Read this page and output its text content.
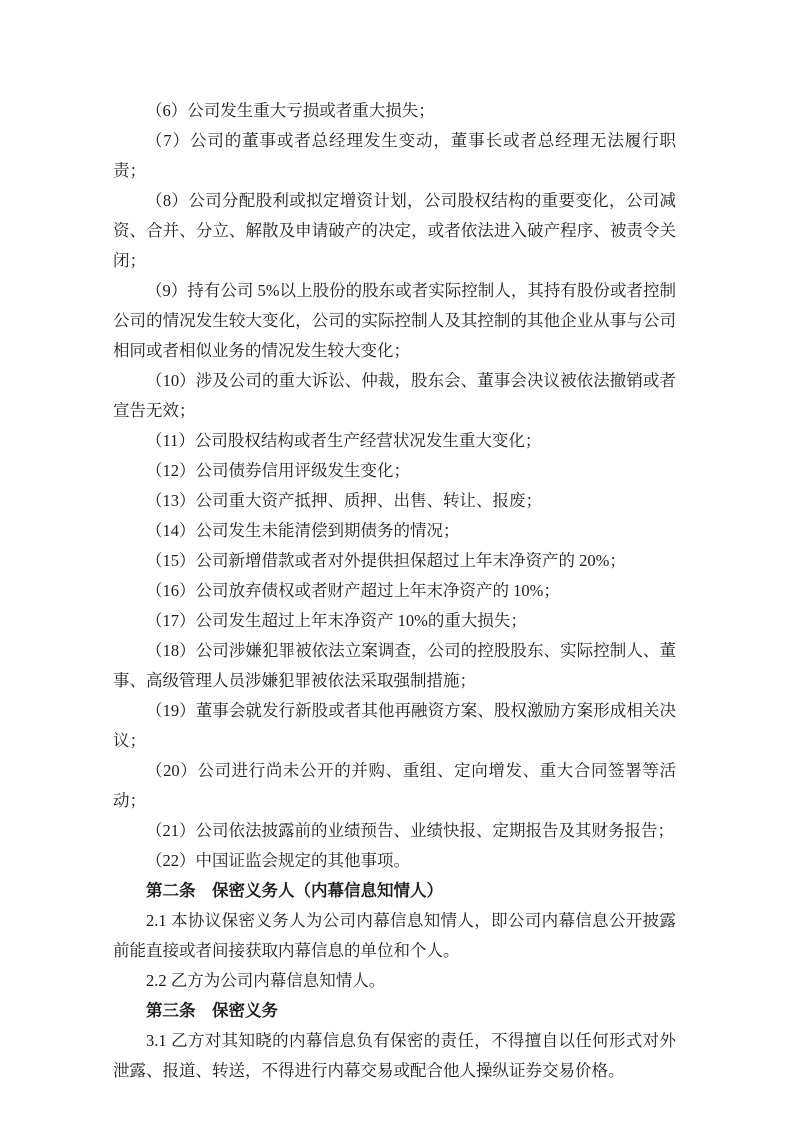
（6）公司发生重大亏损或者重大损失；

（7）公司的董事或者总经理发生变动，董事长或者总经理无法履行职责；

（8）公司分配股利或拟定增资计划，公司股权结构的重要变化，公司减资、合并、分立、解散及申请破产的决定，或者依法进入破产程序、被责令关闭；

（9）持有公司 5%以上股份的股东或者实际控制人，其持有股份或者控制公司的情况发生较大变化，公司的实际控制人及其控制的其他企业从事与公司相同或者相似业务的情况发生较大变化；

（10）涉及公司的重大诉讼、仲裁，股东会、董事会决议被依法撤销或者宣告无效；

（11）公司股权结构或者生产经营状况发生重大变化；

（12）公司债券信用评级发生变化；

（13）公司重大资产抵押、质押、出售、转让、报废；

（14）公司发生未能清偿到期债务的情况；

（15）公司新增借款或者对外提供担保超过上年末净资产的 20%；

（16）公司放弃债权或者财产超过上年末净资产的 10%；

（17）公司发生超过上年末净资产 10%的重大损失；

（18）公司涉嫌犯罪被依法立案调查，公司的控股股东、实际控制人、董事、高级管理人员涉嫌犯罪被依法采取强制措施；

（19）董事会就发行新股或者其他再融资方案、股权激励方案形成相关决议；

（20）公司进行尚未公开的并购、重组、定向增发、重大合同签署等活动；

（21）公司依法披露前的业绩预告、业绩快报、定期报告及其财务报告；

（22）中国证监会规定的其他事项。

第二条　保密义务人（内幕信息知情人）

2.1 本协议保密义务人为公司内幕信息知情人，即公司内幕信息公开披露前能直接或者间接获取内幕信息的单位和个人。

2.2 乙方为公司内幕信息知情人。

第三条　保密义务

3.1 乙方对其知晓的内幕信息负有保密的责任，不得擅自以任何形式对外泄露、报道、转送，不得进行内幕交易或配合他人操纵证券交易价格。
